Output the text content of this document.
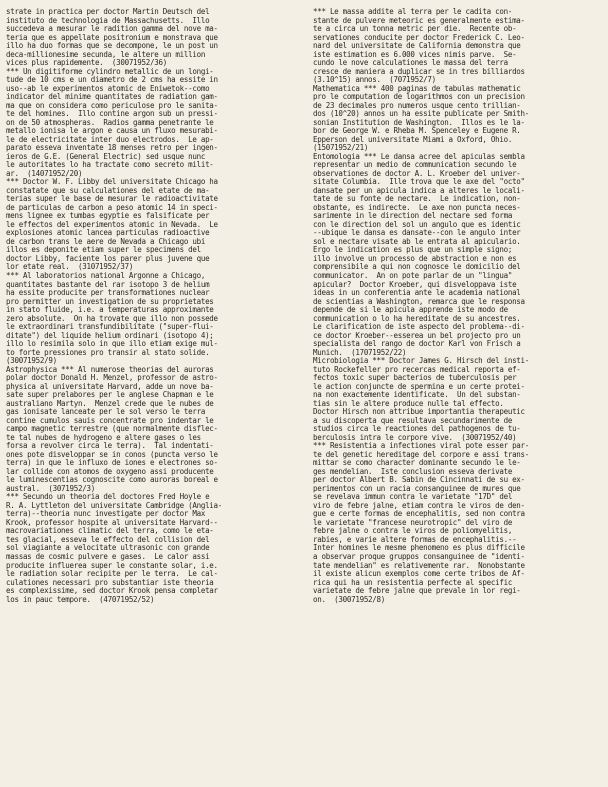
strate in practica per doctor Martin Deutsch del
instituto de technologia de Massachusetts.  Illo
succedeva a mesurar le radition gamma del nove ma-
teria que es appellate positronium e monstrava que
illo ha duo formas que se decompone, le un post un
deca-millionesime secunda, le altere un million
vices plus rapidemente.  (30071952/36)
*** Un digitiforme cylindro metallic de un longi-
tude de 10 cms e un diametro de 2 cms ha essite in
uso--ab le experimentos atomic de Eniwetok--como
indicator del minime quantitates de radiation gam-
ma que on considera como periculose pro le sanita-
te del homines.  Illo contine argon sub un pressi-
on de 50 atmospheras.  Radios gamma penetrante le
metallo ionisa le argon e causa un fluxo mesurabi-
le de electricitate inter duo electrodos.  Le ap-
parato esseva inventate 18 menses retro per ingen-
ieros de G.E. (General Electric) sed usque nunc
le autoritates lo ha tractate como secreto milit-
ar.  (14071952/20)
*** Doctor W. F. Libby del universitate Chicago ha
constatate que su calculationes del etate de ma-
terias super le base de mesurar le radioactivitate
de particulas de carbon a peso atomic 14 in speci-
mens lignee ex tumbas egyptie es falsificate per
le effectos del experimentos atomic in Nevada.  Le
explosiones atomic lancea particulas radioactive
de carbon trans le aere de Nevada a Chicago ubi
illos es deponite etiam super le specimens del
doctor Libby, faciente los parer plus juvene que
lor etate real.  (31071952/37)
*** Al laboratorios national Argonne a Chicago,
quantitates bastante del rar isotopo 3 de helium
ha essite producite per transformationes nuclear
pro permitter un investigation de su proprietates
in stato fluide, i.e. a temperaturas approximante
zero absolute.  On ha trovate que illo non possede
le extraordinari transfundibilitate ("super-flui-
ditate") del liquide helium ordinari (isotopo 4);
illo lo resimila solo in que illo etiam exige mul-
to forte pressiones pro transir al stato solide.
(30071952/9)
Astrophysica *** Al numerose theorias del auroras
polar doctor Donald H. Menzel, professor de astro-
physica al universitate Harvard, adde un nove ba-
sate super prelabores per le anglese Chapman e le
australiano Martyn.  Menzel crede que le nubes de
gas ionisate lanceate per le sol verso le terra
contine cumulos sauis concentrate pro indentar le
campo magnetic terrestre (que normalmente disflec-
te tal nubes de hydrogeno e altere gases o les
forsa a revolver circa le terra).  Tal indentati-
ones pote disveloppar se in conos (puncta verso le
terra) in que le influxo de iones e electrones so-
lar collide con atomos de oxygeno assi producente
le luminescentias cognoscite como auroras boreal e
austral.  (3071952/3)
*** Secundo un theoria del doctores Fred Hoyle e
R. A. Lyttleton del universitate Cambridge (Anglia-
terra)--theoria nunc investigate per doctor Max
Krook, professor hospite al universitate Harvard--
macrovariationes climatic del terra, como le eta-
tes glacial, esseva le effecto del collision del
sol viagiante a velocitate ultrasonic con grande
massas de cosmic pulvere e gases.  Le calor assi
producite influerea super le constante solar, i.e.
le radiation solar recipite per le terra.  Le cal-
culationes necessari pro substantiar iste theoria
es complexissime, sed doctor Krook pensa completar
los in pauc tempore.  (47071952/52)
*** Le massa addite al terra per le cadita con-
stante de pulvere meteoric es generalmente estima-
te a circa un tonna metric per die.  Recente ob-
servationes conducite per doctor Frederick C. Leo-
nard del universitate de California demonstra que
iste estimation es 6.000 vices nimis parve.  Se-
cundo le nove calculationes le massa del terra
cresce de maniera a duplicar se in tres billiardos
(3.10^15) annos.  (7071952/7)
Mathematica *** 400 paginas de tabulas mathematic
pro le computation de logarithmos con un precision
de 23 decimales pro numeros usque cento trillian-
dos (10^20) annos un ha essite publicate per Smith-
sonian Institution de Washington.  Illos es le la-
bor de George W. e Rheba M. Spenceley e Eugene R.
Epperson del universitate Miami a Oxford, Ohio.
(15071952/21)
Entomologia *** Le dansa acree del apiculas sembla
representar un medio de communication secundo le
observationes de doctor A. L. Kroeber del univer-
sitate Columbia.  Ille trova que le axe del "octo"
dansate per un apicula indica a alteres le locali-
tate de su fonte de nectare.  Le indication, non-
obstante, es indirecte.  Le axe non puncta neces-
sarimente in le direction del nectare sed forma
con le direction del sol un angulo que es identic
--ubique le dansa es dansate--con le angulo inter
sol e nectare visate ab le entrata al apiculario.
Ergo le indication es plus que un simple signo;
illo involve un processo de abstraction e non es
comprensibile a qui non cognosce le domicilio del
communicator.  An on pote parlar de un "lingua"
apicular?  Doctor Kroeber, qui disveloppava iste
ideas in un conferentia ante le academia national
de scientias a Washington, remarca que le responsa
depende de si le apicula apprende iste modo de
communication o lo ha hereditate de su ancestres.
Le clarification de iste aspecto del problema--di-
ce doctor Kroeber--esserea un bel projecto pro un
specialista del rango de doctor Karl von Frisch a
Munich.  (17071952/22)
Microbiologia *** Doctor James G. Hirsch del insti-
tuto Rockefeller pro recercas medical reporta ef-
fectos toxic super bacterios de tuberculosis per
le action conjuncte de spermina e un certe protei-
na non exactemente identificate.  Un del substan-
tias sin le altere produce nulle tal effecto.
Doctor Hirsch non attribue importantia therapeutic
a su discoperta que resultava secundarimente de
studios circa le reactiones del pathogenos de tu-
berculosis intra le corpore vive.  (30071952/40)
*** Resistentia a infectiones viral pote esser par-
te del genetic hereditage del corpore e assi trans-
mittar se como character dominante secundo le le-
ges mendelian.  Iste conclusion esseva derivate
per doctor Albert B. Sabin de Cincinnati de su ex-
perimentos con un racia consanguinee de mures que
se revelava immun contra le varietate "17D" del
viro de febre jalne, etiam contra le viros de den-
gue e certe formas de encephalitis, sed non contra
le varietate "francese neurotropic" del viro de
febre jalne o contra le viros de poliomyelitis,
rabies, e varie altere formas de encephalitis.--
Inter homines le mesme phenomeno es plus difficile
a observar proque gruppos consanguinee de "identi-
tate mendelian" es relativemente rar.  Nonobstante
il existe alicun exemplos come certe tribos de Af-
rica qui ha un resistentia perfecte al specific
varietate de febre jalne que prevale in lor regi-
on.  (30071952/8)
